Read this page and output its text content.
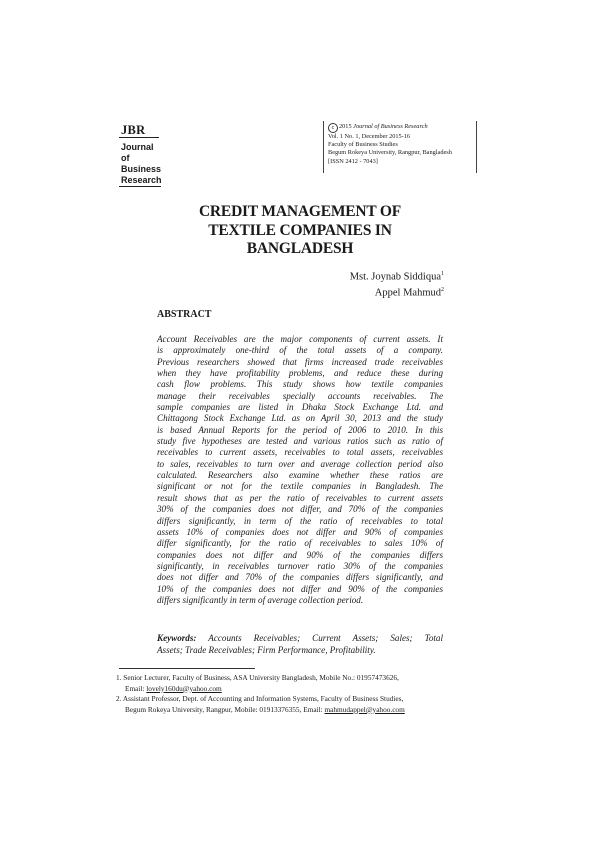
JBR
Journal
of
Business
Research
c 2015 Journal of Business Research
Vol. 1 No. 1, December 2015-16
Faculty of Business Studies
Begum Rokeya University, Rangpur, Bangladesh
[ISSN 2412 - 7043]
CREDIT MANAGEMENT OF
TEXTILE COMPANIES IN
BANGLADESH
Mst. Joynab Siddiqua$^1$
Appel Mahmud$^2$
ABSTRACT
Account Receivables are the major components of current assets. It
is approximately one-third of the total assets of a company.
Previous researchers showed that firms increased trade receivables
when they have profitability problems, and reduce these during
cash flow problems. This study shows how textile companies
manage their receivables specially accounts receivables. The
sample companies are listed in Dhaka Stock Exchange Ltd. and
Chittagong Stock Exchange Ltd. as on April 30, 2013 and the study
is based Annual Reports for the period of 2006 to 2010. In this
study five hypotheses are tested and various ratios such as ratio of
receivables to current assets, receivables to total assets, receivables
to sales, receivables to turn over and average collection period also
calculated. Researchers also examine whether these ratios are
significant or not for the textile companies in Bangladesh. The
result shows that as per the ratio of receivables to current assets
30% of the companies does not differ, and 70% of the companies
differs significantly, in term of the ratio of receivables to total
assets 10% of companies does not differ and 90% of companies
differ significantly, for the ratio of receivables to sales 10% of
companies does not differ and 90% of the companies differs
significantly, in receivables turnover ratio 30% of the companies
does not differ and 70% of the companies differs significantly, and
10% of the companies does not differ and 90% of the companies
differs significantly in term of average collection period.
Keywords: Accounts Receivables; Current Assets; Sales; Total
Assets; Trade Receivables; Firm Performance, Profitability.
1. Senior Lecturer, Faculty of Business, ASA University Bangladesh, Mobile No.: 01957473626,
Email: lovely160du@yahoo.com
2. Assistant Professor, Dept. of Accounting and Information Systems, Faculty of Business Studies,
Begum Rokeya University, Rangpur, Mobile: 01913376355, Email: mahmudappel@yahoo.com
